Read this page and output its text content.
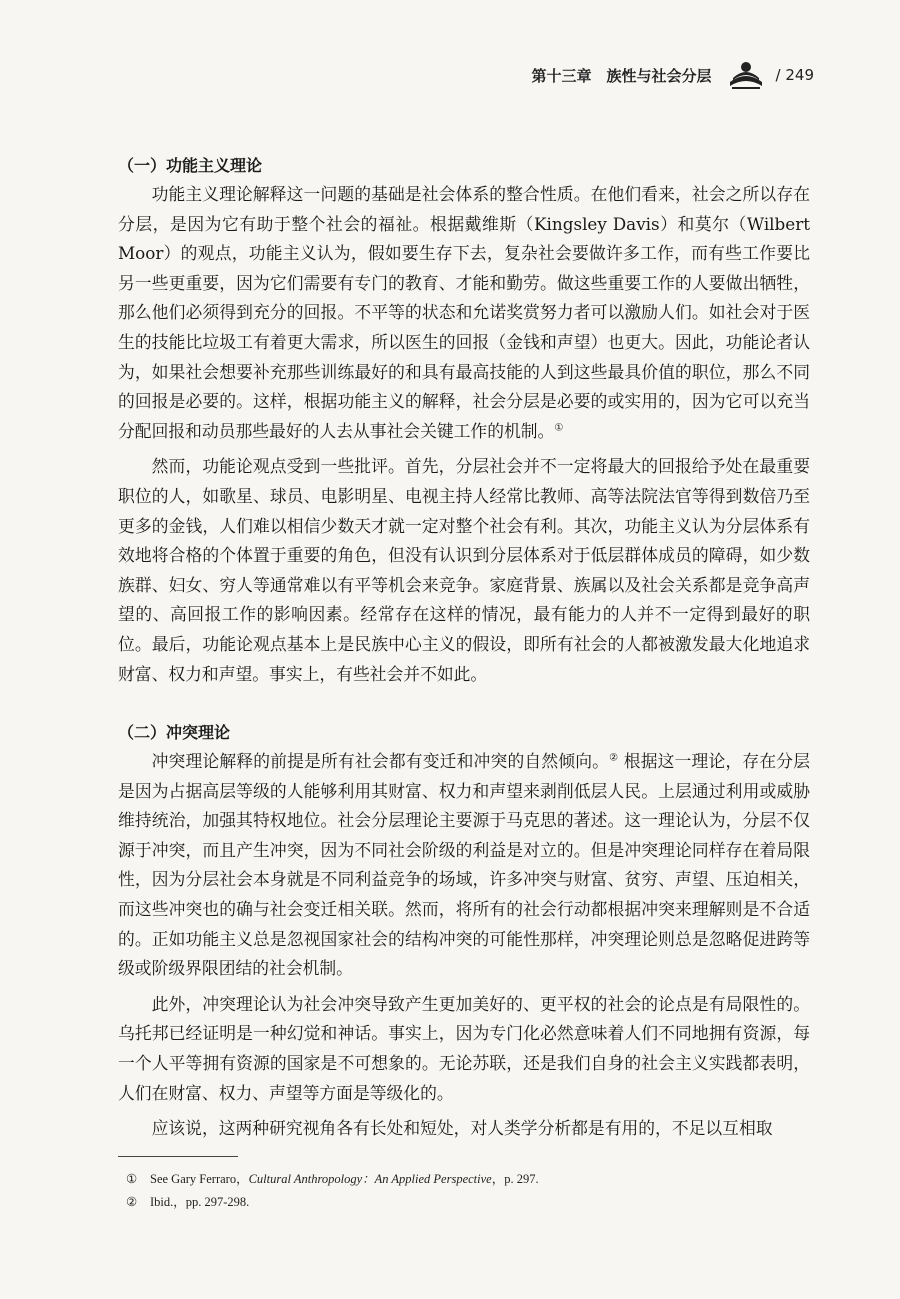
第十三章　族性与社会分层	/ 249
（一）功能主义理论

功能主义理论解释这一问题的基础是社会体系的整合性质。在他们看来，社会之所以存在分层，是因为它有助于整个社会的福祉。根据戴维斯（Kingsley Davis）和莫尔（Wilbert Moor）的观点，功能主义认为，假如要生存下去，复杂社会要做许多工作，而有些工作要比另一些更重要，因为它们需要有专门的教育、才能和勤劳。做这些重要工作的人要做出牺牲，那么他们必须得到充分的回报。不平等的状态和允诺奖赏努力者可以激励人们。如社会对于医生的技能比垃圾工有着更大需求，所以医生的回报（金钱和声望）也更大。因此，功能论者认为，如果社会想要补充那些训练最好的和具有最高技能的人到这些最具价值的职位，那么不同的回报是必要的。这样，根据功能主义的解释，社会分层是必要的或实用的，因为它可以充当分配回报和动员那些最好的人去从事社会关键工作的机制。①

然而，功能论观点受到一些批评。首先，分层社会并不一定将最大的回报给予处在最重要职位的人，如歌星、球员、电影明星、电视主持人经常比教师、高等法院法官等得到数倍乃至更多的金钱，人们难以相信少数天才就一定对整个社会有利。其次，功能主义认为分层体系有效地将合格的个体置于重要的角色，但没有认识到分层体系对于低层群体成员的障碍，如少数族群、妇女、穷人等通常难以有平等机会来竞争。家庭背景、族属以及社会关系都是竞争高声望的、高回报工作的影响因素。经常存在这样的情况，最有能力的人并不一定得到最好的职位。最后，功能论观点基本上是民族中心主义的假设，即所有社会的人都被激发最大化地追求财富、权力和声望。事实上，有些社会并不如此。

（二）冲突理论

冲突理论解释的前提是所有社会都有变迁和冲突的自然倾向。② 根据这一理论，存在分层是因为占据高层等级的人能够利用其财富、权力和声望来剥削低层人民。上层通过利用或威胁维持统治，加强其特权地位。社会分层理论主要源于马克思的著述。这一理论认为，分层不仅源于冲突，而且产生冲突，因为不同社会阶级的利益是对立的。但是冲突理论同样存在着局限性，因为分层社会本身就是不同利益竞争的场域，许多冲突与财富、贫穷、声望、压迫相关，而这些冲突也的确与社会变迁相关联。然而，将所有的社会行动都根据冲突来理解则是不合适的。正如功能主义总是忽视国家社会的结构冲突的可能性那样，冲突理论则总是忽略促进跨等级或阶级界限团结的社会机制。

此外，冲突理论认为社会冲突导致产生更加美好的、更平权的社会的论点是有局限性的。乌托邦已经证明是一种幻觉和神话。事实上，因为专门化必然意味着人们不同地拥有资源，每一个人平等拥有资源的国家是不可想象的。无论苏联，还是我们自身的社会主义实践都表明，人们在财富、权力、声望等方面是等级化的。

应该说，这两种研究视角各有长处和短处，对人类学分析都是有用的，不足以互相取

① See Gary Ferraro，Cultural Anthropology：An Applied Perspective，p. 297.
② Ibid.，pp. 297-298.
